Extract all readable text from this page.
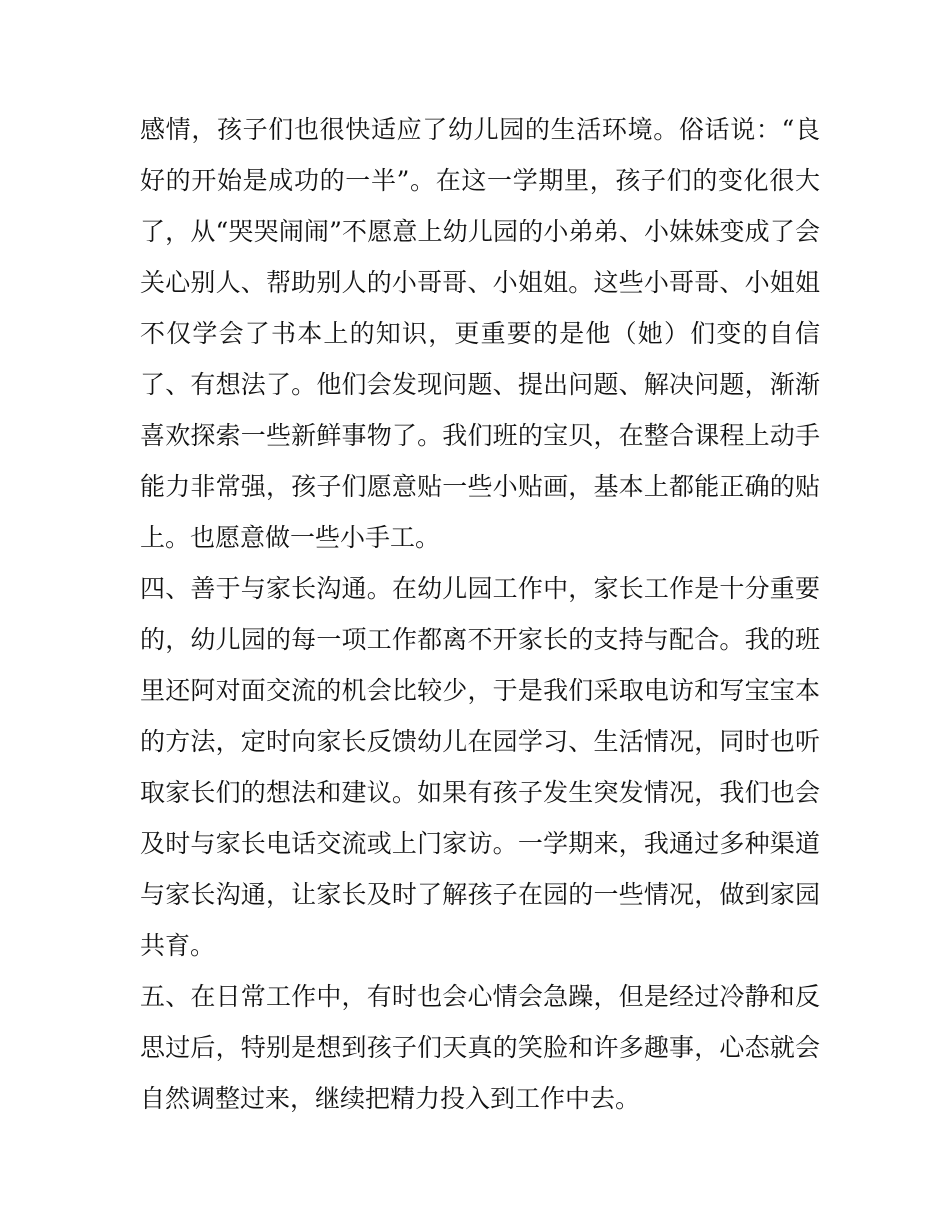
感情，孩子们也很快适应了幼儿园的生活环境。俗话说：“良
好的开始是成功的一半”。在这一学期里，孩子们的变化很大
了，从“哭哭闹闹”不愿意上幼儿园的小弟弟、小妹妹变成了会
关心别人、帮助别人的小哥哥、小姐姐。这些小哥哥、小姐姐
不仅学会了书本上的知识，更重要的是他（她）们变的自信
了、有想法了。他们会发现问题、提出问题、解决问题，渐渐
喜欢探索一些新鲜事物了。我们班的宝贝，在整合课程上动手
能力非常强，孩子们愿意贴一些小贴画，基本上都能正确的贴
上。也愿意做一些小手工。
四、善于与家长沟通。在幼儿园工作中，家长工作是十分重要
的，幼儿园的每一项工作都离不开家长的支持与配合。我的班
里还阿对面交流的机会比较少，于是我们采取电访和写宝宝本
的方法，定时向家长反馈幼儿在园学习、生活情况，同时也听
取家长们的想法和建议。如果有孩子发生突发情况，我们也会
及时与家长电话交流或上门家访。一学期来，我通过多种渠道
与家长沟通，让家长及时了解孩子在园的一些情况，做到家园
共育。
五、在日常工作中，有时也会心情会急躁，但是经过冷静和反
思过后，特别是想到孩子们天真的笑脸和许多趣事，心态就会
自然调整过来，继续把精力投入到工作中去。
